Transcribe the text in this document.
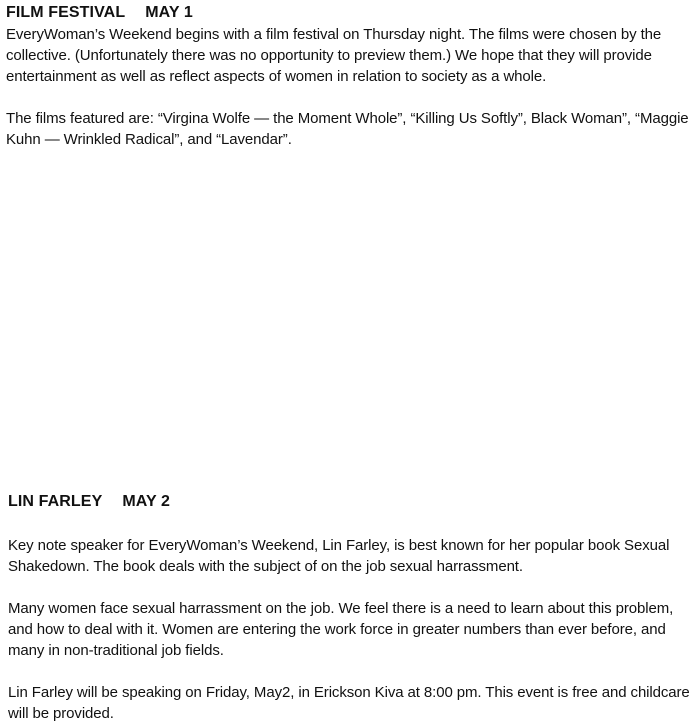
FILM FESTIVAL MAY 1

EveryWoman’s Weekend begins with a film festival on Thursday night. The films were chosen by the collective. (Unfortunately there was no opportunity to preview them.) We hope that they will provide entertainment as well as reflect aspects of women in relation to society as a whole.

The films featured are: “Virgina Wolfe — the Moment Whole”, “Killing Us Softly”, Black Woman”, “Maggie Kuhn — Wrinkled Radical”, and “Lavendar”.

LIN FARLEY MAY 2

Key note speaker for EveryWoman’s Weekend, Lin Farley, is best known for her popular book Sexual Shakedown. The book deals with the subject of on the job sexual harrassment.

Many women face sexual harrassment on the job. We feel there is a need to learn about this problem, and how to deal with it. Women are entering the work force in greater numbers than ever before, and many in non-traditional job fields.

Lin Farley will be speaking on Friday, May2, in Erickson Kiva at 8:00 pm. This event is free and childcare will be provided.
